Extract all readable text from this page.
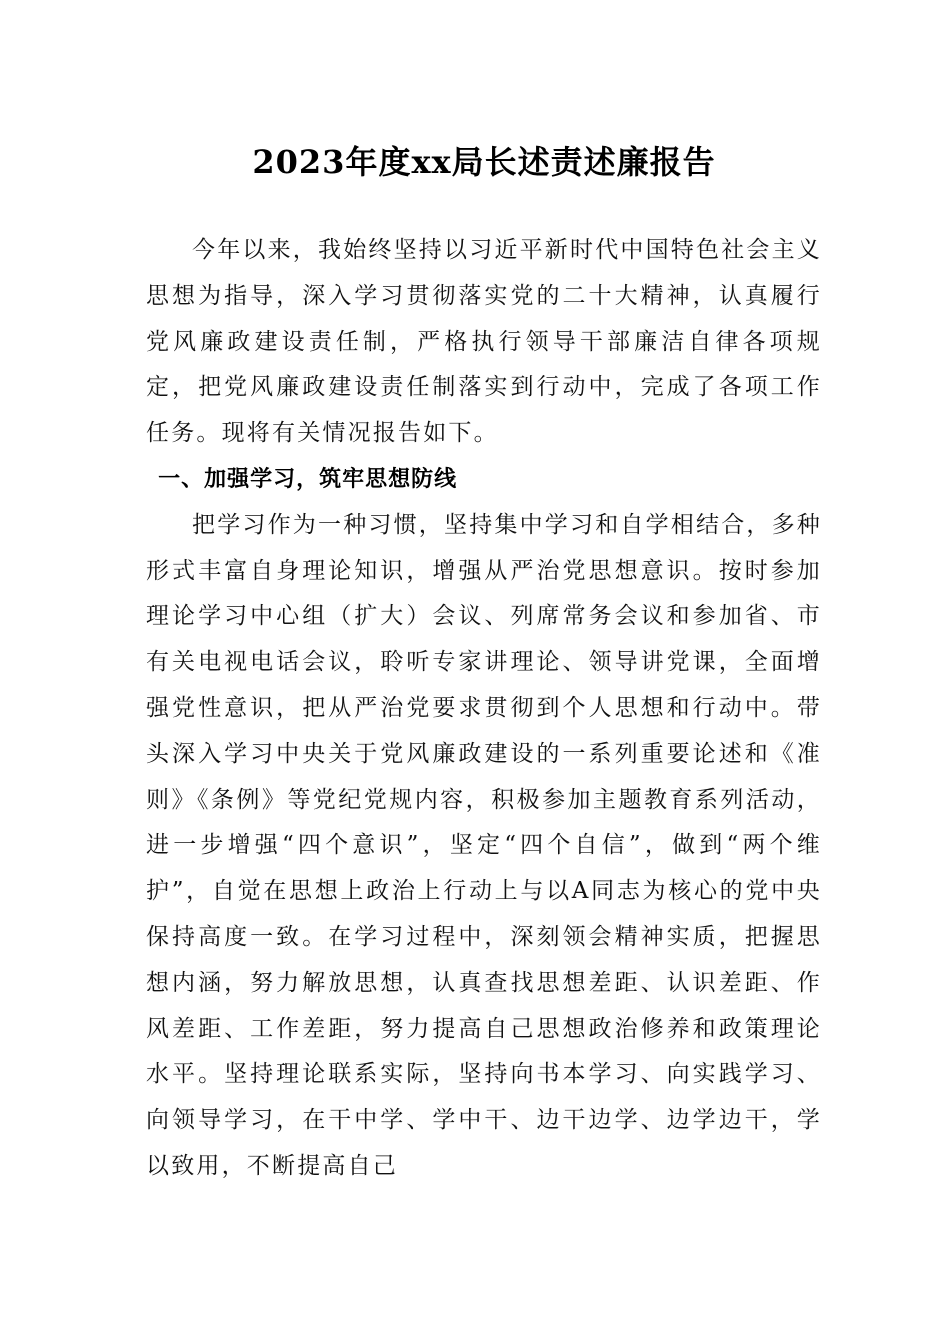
2023年度xx局长述责述廉报告

今年以来，我始终坚持以习近平新时代中国特色社会主义思想为指导，深入学习贯彻落实党的二十大精神，认真履行党风廉政建设责任制，严格执行领导干部廉洁自律各项规定，把党风廉政建设责任制落实到行动中，完成了各项工作任务。现将有关情况报告如下。

一、加强学习，筑牢思想防线

把学习作为一种习惯，坚持集中学习和自学相结合，多种形式丰富自身理论知识，增强从严治党思想意识。按时参加理论学习中心组（扩大）会议、列席常务会议和参加省、市有关电视电话会议，聆听专家讲理论、领导讲党课，全面增强党性意识，把从严治党要求贯彻到个人思想和行动中。带头深入学习中央关于党风廉政建设的一系列重要论述和《准则》《条例》等党纪党规内容，积极参加主题教育系列活动，进一步增强“四个意识”，坚定“四个自信”，做到“两个维护”，自觉在思想上政治上行动上与以A同志为核心的党中央保持高度一致。在学习过程中，深刻领会精神实质，把握思想内涵，努力解放思想，认真查找思想差距、认识差距、作风差距、工作差距，努力提高自己思想政治修养和政策理论水平。坚持理论联系实际，坚持向书本学习、向实践学习、向领导学习，在干中学、学中干、边干边学、边学边干，学以致用，不断提高自己
